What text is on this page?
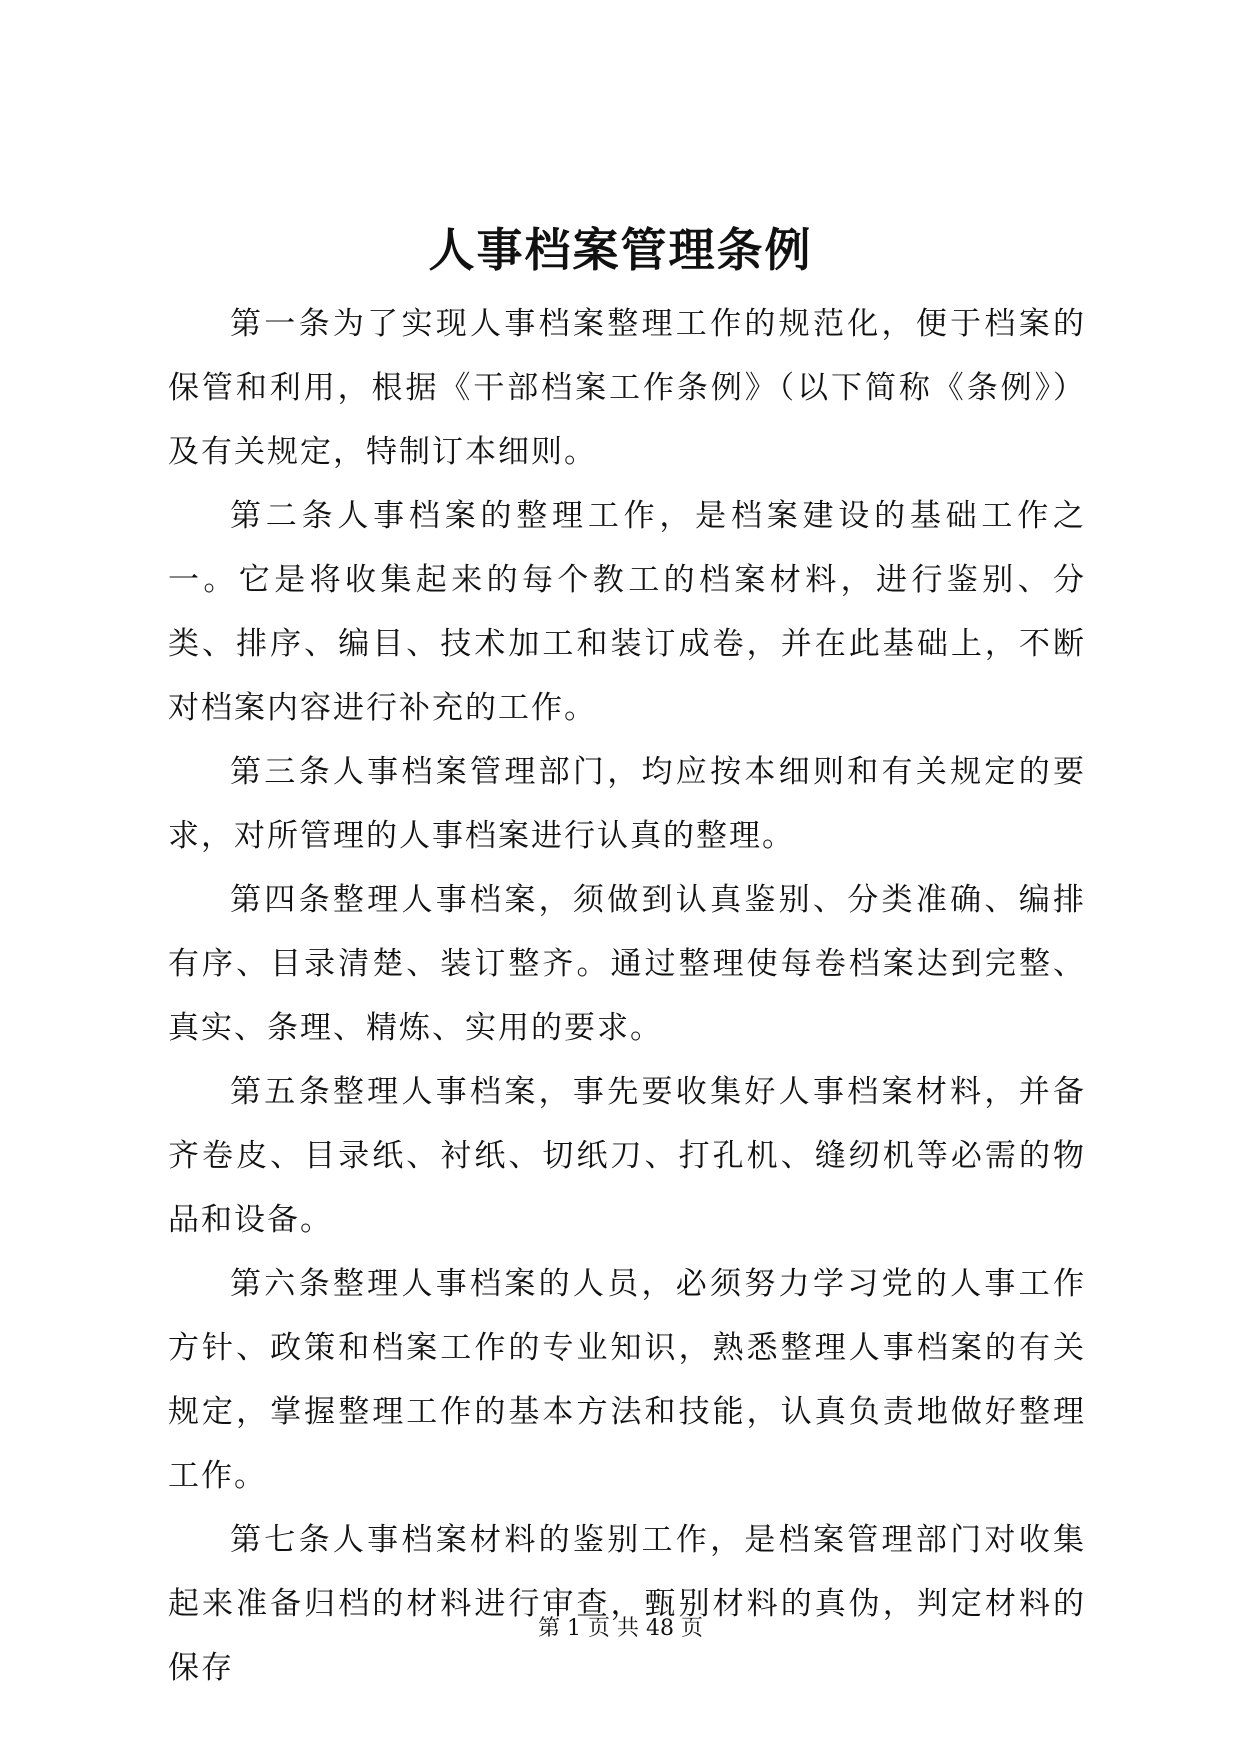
人事档案管理条例

第一条为了实现人事档案整理工作的规范化，便于档案的保管和利用，根据《干部档案工作条例》（以下简称《条例》）及有关规定，特制订本细则。

第二条人事档案的整理工作，是档案建设的基础工作之一。它是将收集起来的每个教工的档案材料，进行鉴别、分类、排序、编目、技术加工和装订成卷，并在此基础上，不断对档案内容进行补充的工作。

第三条人事档案管理部门，均应按本细则和有关规定的要求，对所管理的人事档案进行认真的整理。

第四条整理人事档案，须做到认真鉴别、分类准确、编排有序、目录清楚、装订整齐。通过整理使每卷档案达到完整、真实、条理、精炼、实用的要求。

第五条整理人事档案，事先要收集好人事档案材料，并备齐卷皮、目录纸、衬纸、切纸刀、打孔机、缝纫机等必需的物品和设备。

第六条整理人事档案的人员，必须努力学习党的人事工作方针、政策和档案工作的专业知识，熟悉整理人事档案的有关规定，掌握整理工作的基本方法和技能，认真负责地做好整理工作。

第七条人事档案材料的鉴别工作，是档案管理部门对收集起来准备归档的材料进行审查，甄别材料的真伪，判定材料的保存

第 1 页 共 48 页
